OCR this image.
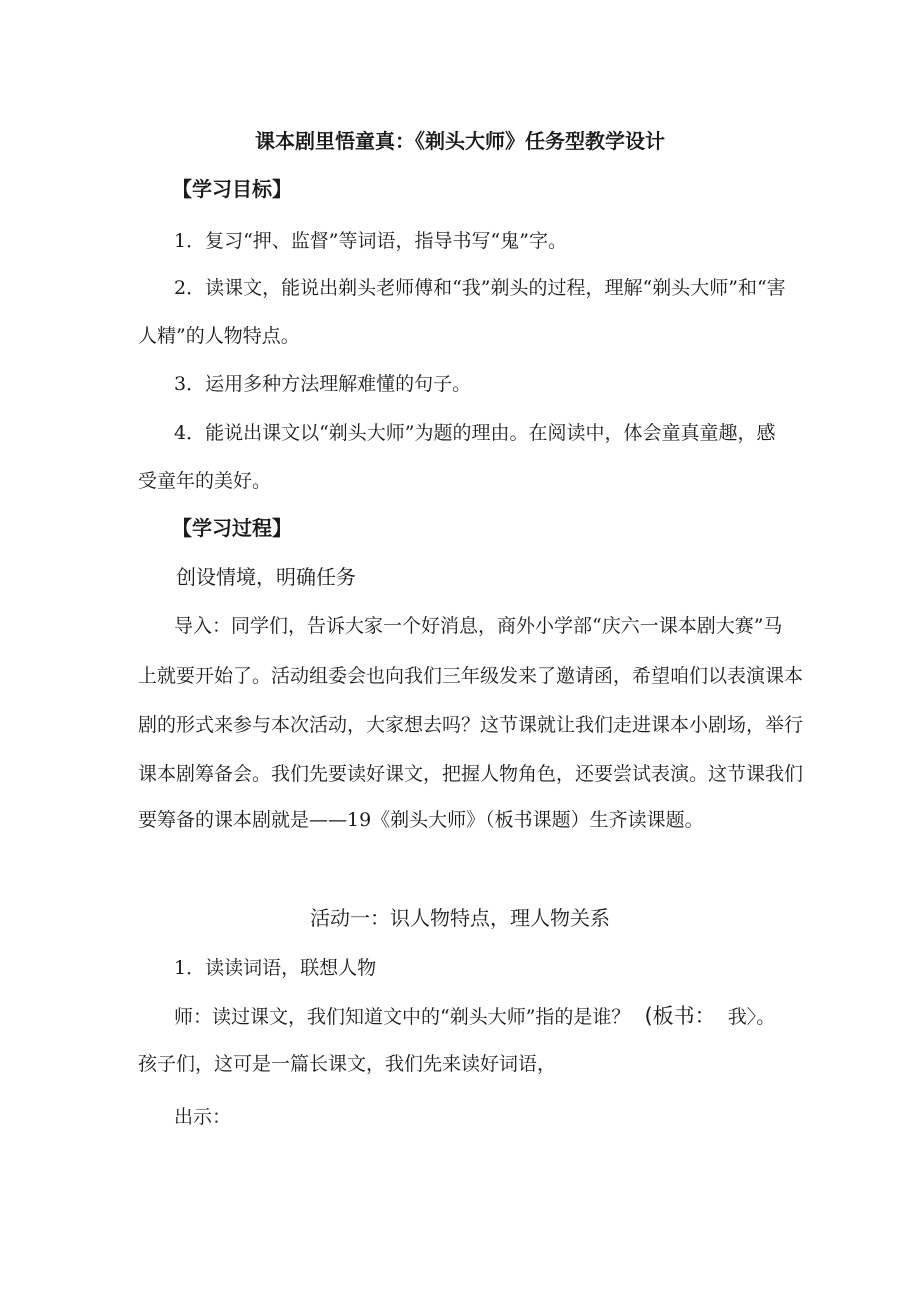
课本剧里悟童真：《剃头大师》任务型教学设计
【学习目标】
1．复习“押、监督”等词语，指导书写“鬼”字。
2．读课文，能说出剃头老师傅和“我”剃头的过程，理解“剃头大师”和“害
人精”的人物特点。
3．运用多种方法理解难懂的句子。
4．能说出课文以“剃头大师”为题的理由。在阅读中，体会童真童趣，感
受童年的美好。
【学习过程】
创设情境，明确任务
导入：同学们，告诉大家一个好消息，商外小学部“庆六一课本剧大赛”马
上就要开始了。活动组委会也向我们三年级发来了邀请函，希望咱们以表演课本
剧的形式来参与本次活动，大家想去吗？这节课就让我们走进课本小剧场，举行
课本剧筹备会。我们先要读好课文，把握人物角色，还要尝试表演。这节课我们
要筹备的课本剧就是——19《剃头大师》（板书课题）生齐读课题。
活动一：识人物特点，理人物关系
1．读读词语，联想人物
师：读过课文，我们知道文中的“剃头大师”指的是谁？ (板书： 我〉。
孩子们，这可是一篇长课文，我们先来读好词语，
出示：
